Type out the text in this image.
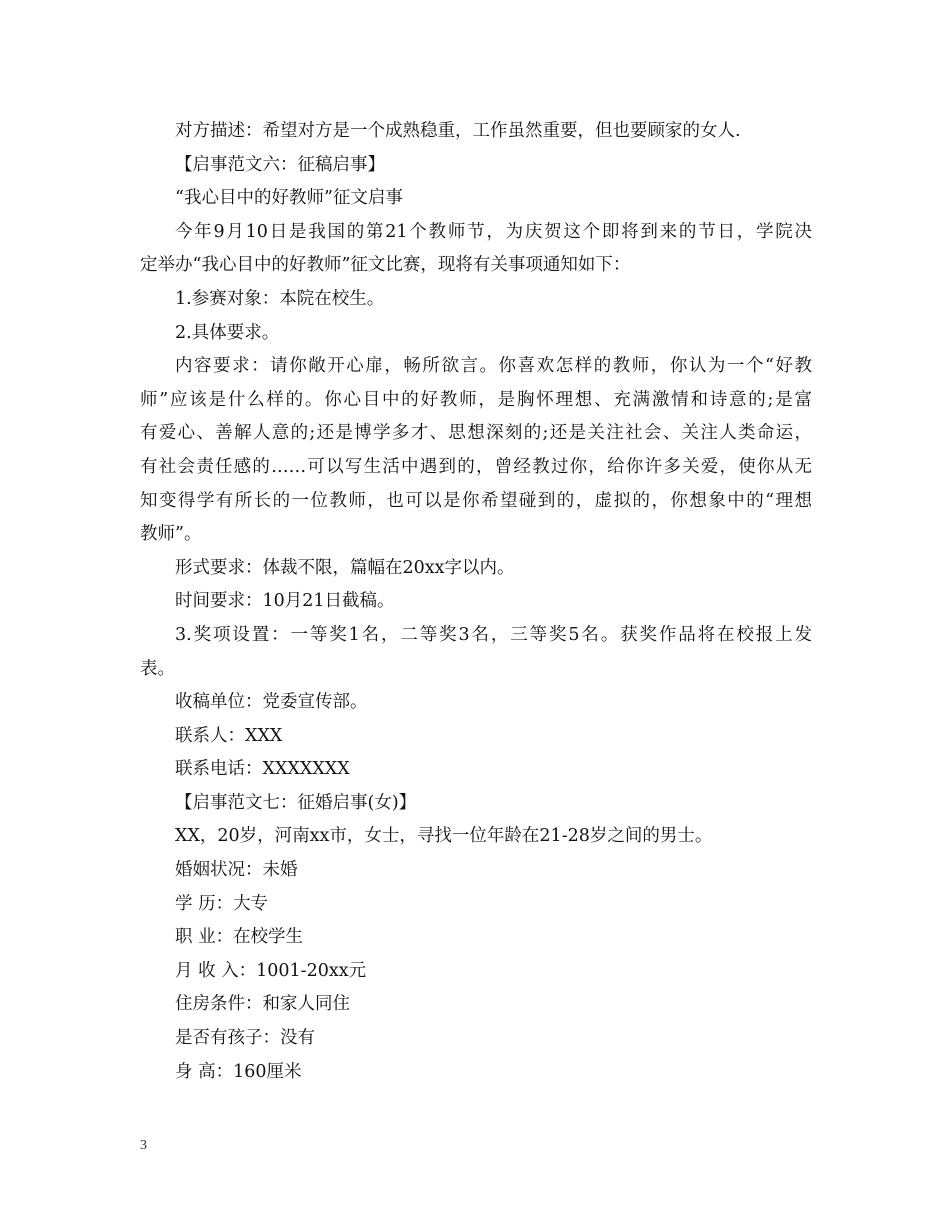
对方描述：希望对方是一个成熟稳重，工作虽然重要，但也要顾家的女人.
【启事范文六：征稿启事】
“我心目中的好教师”征文启事
今年9月10日是我国的第21个教师节，为庆贺这个即将到来的节日，学院决
定举办“我心目中的好教师”征文比赛，现将有关事项通知如下：
1.参赛对象：本院在校生。
2.具体要求。
内容要求：请你敞开心扉，畅所欲言。你喜欢怎样的教师，你认为一个“好教
师”应该是什么样的。你心目中的好教师，是胸怀理想、充满激情和诗意的;是富
有爱心、善解人意的;还是博学多才、思想深刻的;还是关注社会、关注人类命运，
有社会责任感的……可以写生活中遇到的，曾经教过你，给你许多关爱，使你从无
知变得学有所长的一位教师，也可以是你希望碰到的，虚拟的，你想象中的“理想
教师”。
形式要求：体裁不限，篇幅在20xx字以内。
时间要求：10月21日截稿。
3.奖项设置：一等奖1名，二等奖3名，三等奖5名。获奖作品将在校报上发
表。
收稿单位：党委宣传部。
联系人：XXX
联系电话：XXXXXXX
【启事范文七：征婚启事(女)】
XX，20岁，河南xx市，女士，寻找一位年龄在21-28岁之间的男士。
婚姻状况：未婚
学 历：大专
职 业：在校学生
月 收 入：1001-20xx元
住房条件：和家人同住
是否有孩子：没有
身 高：160厘米
3
